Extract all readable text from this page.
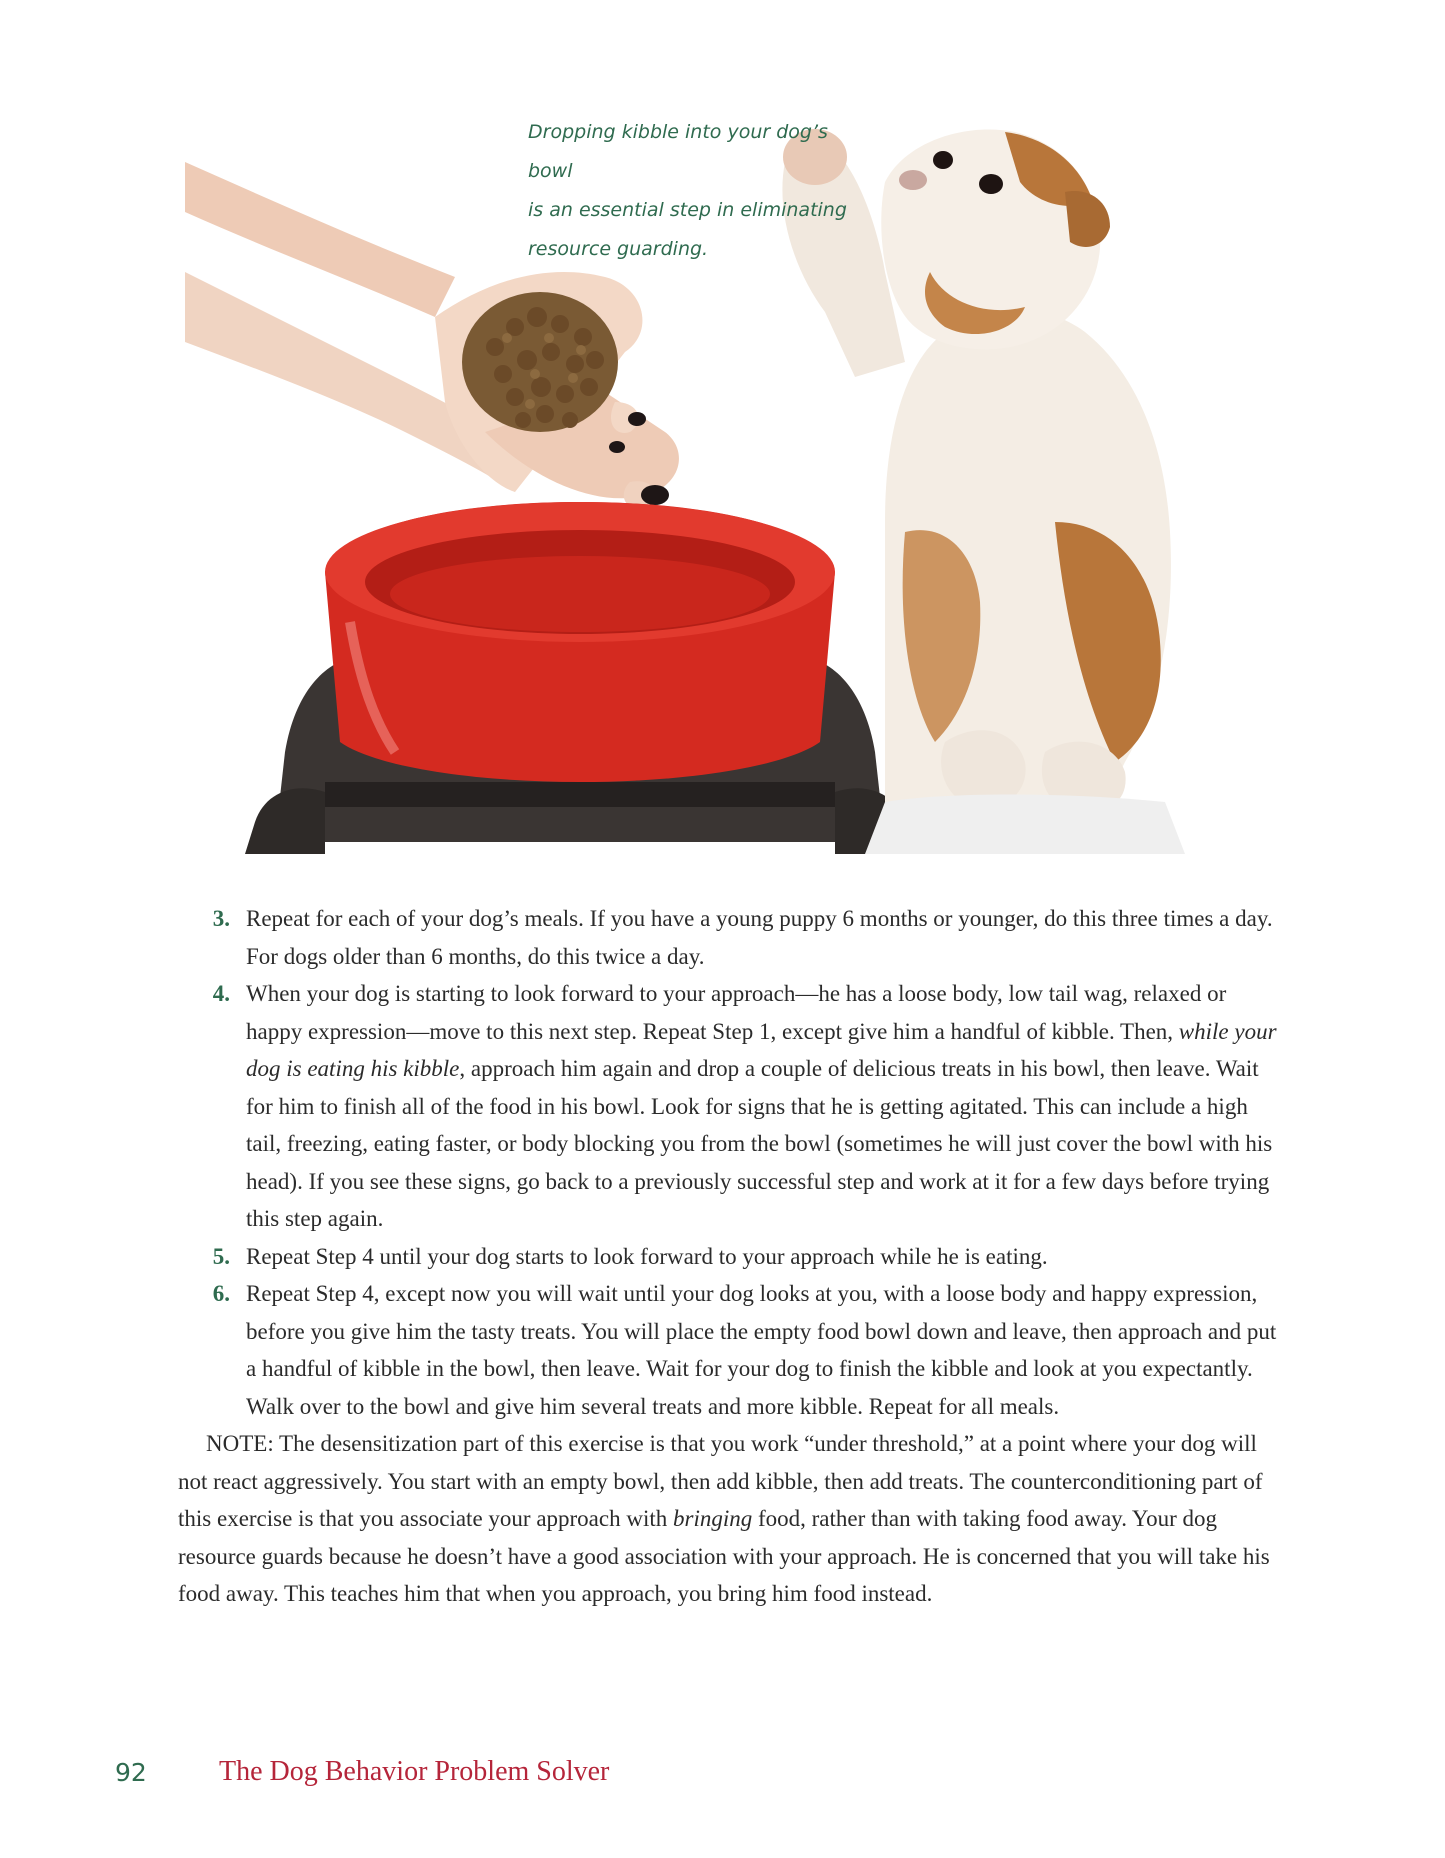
Dropping kibble into your dog’s bowl
is an essential step in eliminating
resource guarding.
3. Repeat for each of your dog’s meals. If you have a young puppy 6 months or younger, do this three times a day. For dogs older than 6 months, do this twice a day.
4. When your dog is starting to look forward to your approach—he has a loose body, low tail wag, relaxed or happy expression—move to this next step. Repeat Step 1, except give him a handful of kibble. Then, while your dog is eating his kibble, approach him again and drop a couple of delicious treats in his bowl, then leave. Wait for him to finish all of the food in his bowl. Look for signs that he is getting agitated. This can include a high tail, freezing, eating faster, or body blocking you from the bowl (sometimes he will just cover the bowl with his head). If you see these signs, go back to a previously successful step and work at it for a few days before trying this step again.
5. Repeat Step 4 until your dog starts to look forward to your approach while he is eating.
6. Repeat Step 4, except now you will wait until your dog looks at you, with a loose body and happy expression, before you give him the tasty treats. You will place the empty food bowl down and leave, then approach and put a handful of kibble in the bowl, then leave. Wait for your dog to finish the kibble and look at you expectantly. Walk over to the bowl and give him several treats and more kibble. Repeat for all meals.

NOTE: The desensitization part of this exercise is that you work “under threshold,” at a point where your dog will not react aggressively. You start with an empty bowl, then add kibble, then add treats. The counterconditioning part of this exercise is that you associate your approach with bringing food, rather than with taking food away. Your dog resource guards because he doesn’t have a good association with your approach. He is concerned that you will take his food away. This teaches him that when you approach, you bring him food instead.

92	The Dog Behavior Problem Solver
